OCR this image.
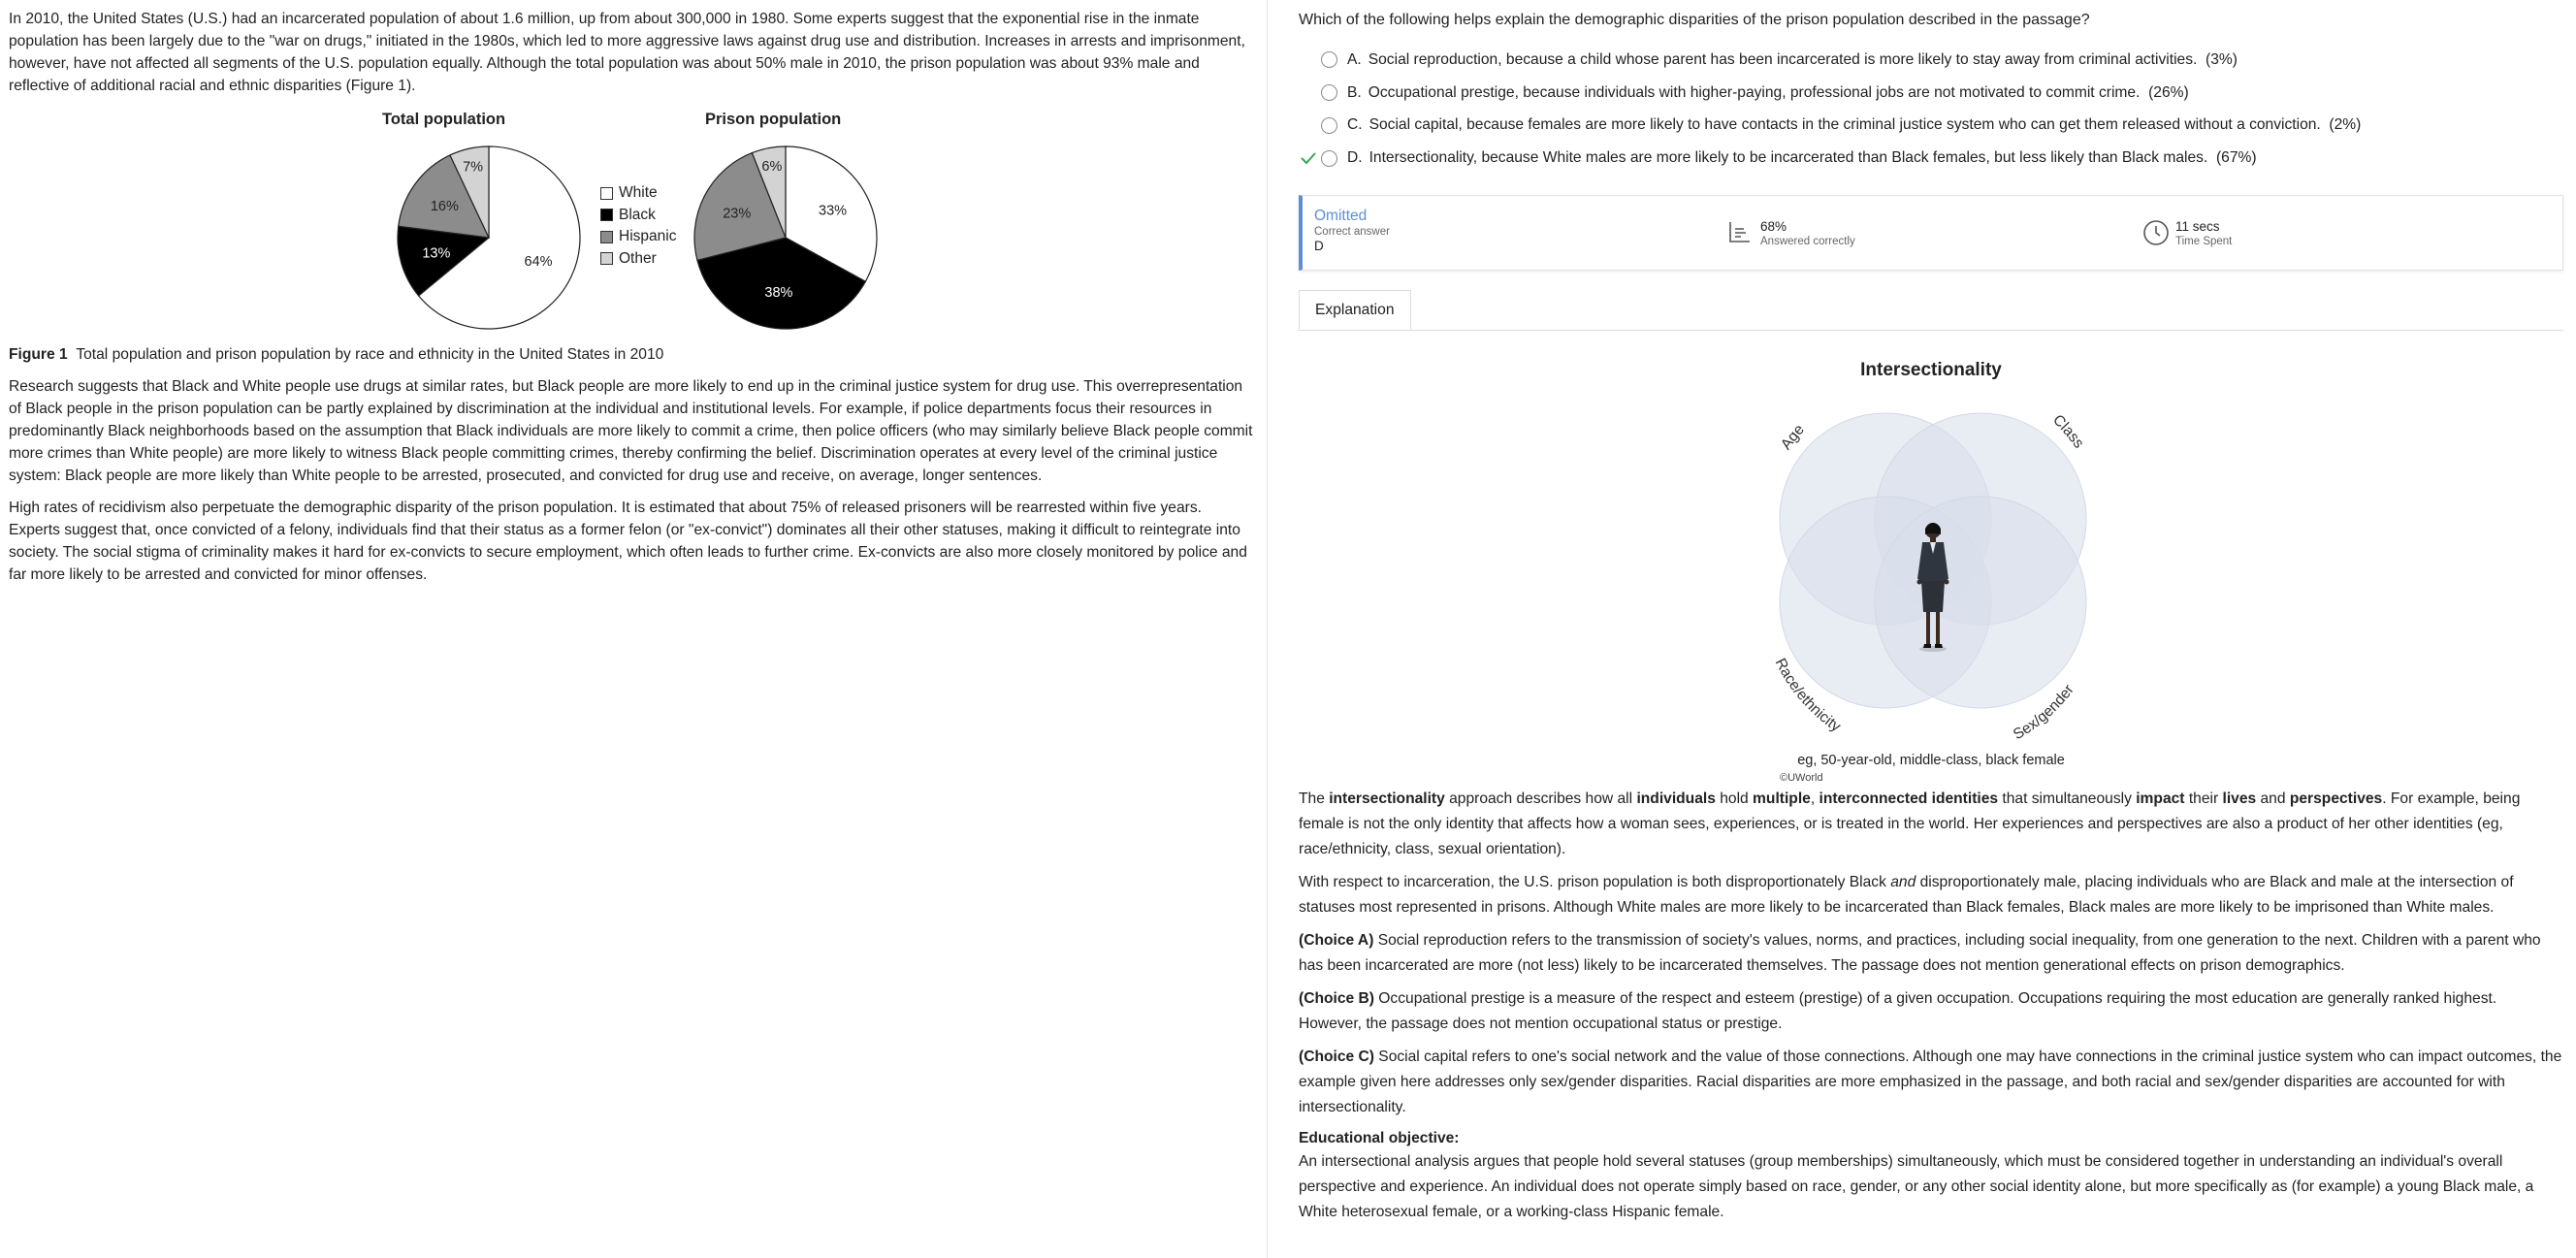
In 2010, the United States (U.S.) had an incarcerated population of about 1.6 million, up from about 300,000 in 1980. Some experts suggest that the exponential rise in the inmate population has been largely due to the "war on drugs," initiated in the 1980s, which led to more aggressive laws against drug use and distribution. Increases in arrests and imprisonment, however, have not affected all segments of the U.S. population equally. Although the total population was about 50% male in 2010, the prison population was about 93% male and reflective of additional racial and ethnic disparities (Figure 1).

Total population	Prison population
64%
13%
16%
7%
33%
38%
23%
6%
White
Black
Hispanic
Other

Figure 1 Total population and prison population by race and ethnicity in the United States in 2010

Research suggests that Black and White people use drugs at similar rates, but Black people are more likely to end up in the criminal justice system for drug use. This overrepresentation of Black people in the prison population can be partly explained by discrimination at the individual and institutional levels. For example, if police departments focus their resources in predominantly Black neighborhoods based on the assumption that Black individuals are more likely to commit a crime, then police officers (who may similarly believe Black people commit more crimes than White people) are more likely to witness Black people committing crimes, thereby confirming the belief. Discrimination operates at every level of the criminal justice system: Black people are more likely than White people to be arrested, prosecuted, and convicted for drug use and receive, on average, longer sentences.

High rates of recidivism also perpetuate the demographic disparity of the prison population. It is estimated that about 75% of released prisoners will be rearrested within five years. Experts suggest that, once convicted of a felony, individuals find that their status as a former felon (or "ex-convict") dominates all their other statuses, making it difficult to reintegrate into society. The social stigma of criminality makes it hard for ex-convicts to secure employment, which often leads to further crime. Ex-convicts are also more closely monitored by police and far more likely to be arrested and convicted for minor offenses.

Which of the following helps explain the demographic disparities of the prison population described in the passage?
A. Social reproduction, because a child whose parent has been incarcerated is more likely to stay away from criminal activities.
(3%)
B. Occupational prestige, because individuals with higher-paying, professional jobs are not motivated to commit crime.
(26%)
C. Social capital, because females are more likely to have contacts in the criminal justice system who can get them released without a conviction.
(2%)
D. Intersectionality, because White males are more likely to be incarcerated than Black females, but less likely than Black males.
(67%)
Omitted
Correct answer
D
68%
Answered correctly
11 secs
Time Spent
Explanation
Intersectionality
Age	Class
Race/ethnicity	Sex/gender
eg, 50-year-old, middle-class, black female
©UWorld

The intersectionality approach describes how all individuals hold multiple, interconnected identities that simultaneously impact their lives and perspectives. For example, being female is not the only identity that affects how a woman sees, experiences, or is treated in the world. Her experiences and perspectives are also a product of her other identities (eg, race/ethnicity, class, sexual orientation).

With respect to incarceration, the U.S. prison population is both disproportionately Black and disproportionately male, placing individuals who are Black and male at the intersection of statuses most represented in prisons. Although White males are more likely to be incarcerated than Black females, Black males are more likely to be imprisoned than White males.

(Choice A) Social reproduction refers to the transmission of society's values, norms, and practices, including social inequality, from one generation to the next. Children with a parent who has been incarcerated are more (not less) likely to be incarcerated themselves. The passage does not mention generational effects on prison demographics.

(Choice B) Occupational prestige is a measure of the respect and esteem (prestige) of a given occupation. Occupations requiring the most education are generally ranked highest. However, the passage does not mention occupational status or prestige.

(Choice C) Social capital refers to one's social network and the value of those connections. Although one may have connections in the criminal justice system who can impact outcomes, the example given here addresses only sex/gender disparities. Racial disparities are more emphasized in the passage, and both racial and sex/gender disparities are accounted for with intersectionality.

Educational objective:

An intersectional analysis argues that people hold several statuses (group memberships) simultaneously, which must be considered together in understanding an individual's overall perspective and experience. An individual does not operate simply based on race, gender, or any other social identity alone, but more specifically as (for example) a young Black male, a White heterosexual female, or a working-class Hispanic female.
